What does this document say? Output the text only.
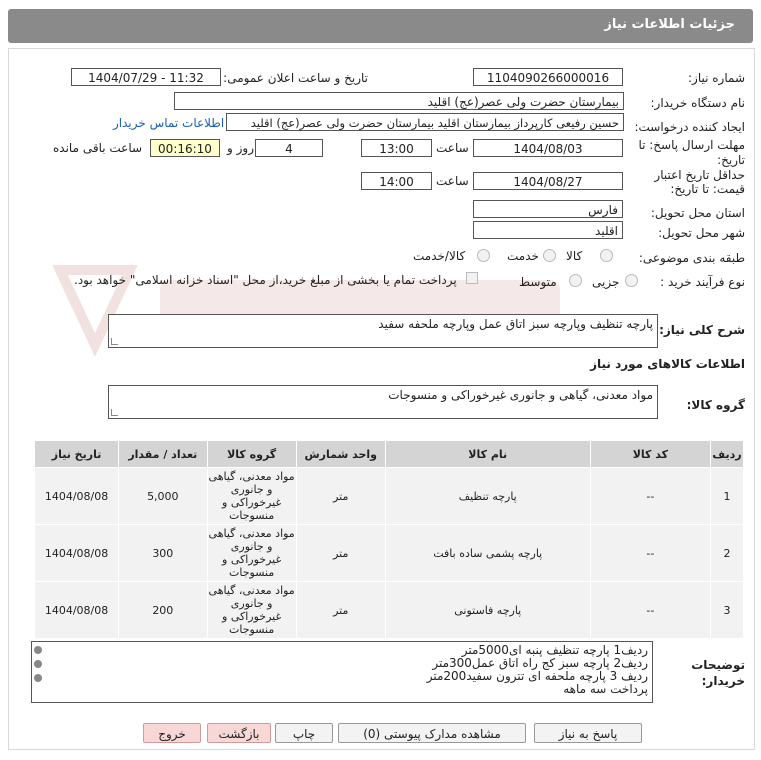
جزئیات اطلاعات نیاز
شماره نیاز:
1104090266000016
تاریخ و ساعت اعلان عمومی:
1404/07/29 - 11:32
نام دستگاه خریدار:
بیمارستان حضرت ولی عصر(عج) اقلید
ایجاد کننده درخواست:
حسین رفیعی کارپرداز بیمارستان اقلید بیمارستان حضرت ولی عصر(عج) اقلید
اطلاعات تماس خریدار
مهلت ارسال پاسخ: تا
تاریخ:
1404/08/03
ساعت
13:00
4
روز و
00:16:10
ساعت باقی مانده
حداقل تاریخ اعتبار
قیمت: تا تاریخ:
1404/08/27
ساعت
14:00
استان محل تحویل:
فارس
شهر محل تحویل:
اقلید
طبقه بندی موضوعی:
کالا
خدمت
کالا/خدمت
نوع فرآیند خرید :
جزیی
متوسط
پرداخت تمام یا بخشی از مبلغ خرید،از محل "اسناد خزانه اسلامی" خواهد بود.
شرح کلی نیاز:
پارچه تنظیف وپارچه سبز اتاق عمل وپارچه ملحفه سفید
اطلاعات کالاهای مورد نیاز
گروه کالا:
مواد معدنی، گیاهی و جانوری غیرخوراکی و منسوجات
تاریخ نیاز	تعداد / مقدار	گروه کالا	واحد شمارش	نام کالا	کد کالا	ردیف
1404/08/08	5,000	مواد معدنی، گیاهی و جانوری غیرخوراکی و منسوجات	متر	پارچه تنظیف	--	1
1404/08/08	300	مواد معدنی، گیاهی و جانوری غیرخوراکی و منسوجات	متر	پارچه پشمی ساده بافت	--	2
1404/08/08	200	مواد معدنی، گیاهی و جانوری غیرخوراکی و منسوجات	متر	پارچه فاستونی	--	3
توضیحات
خریدار:
ردیف1 پارچه تنظیف پنبه ای5000متر
ردیف2 پارچه سبز کج راه اتاق عمل300متر
ردیف 3 پارچه ملحفه ای تترون سفید200متر
پرداخت سه ماهه
پاسخ به نیاز
مشاهده مدارک پیوستی (0)
چاپ
بازگشت
خروج
